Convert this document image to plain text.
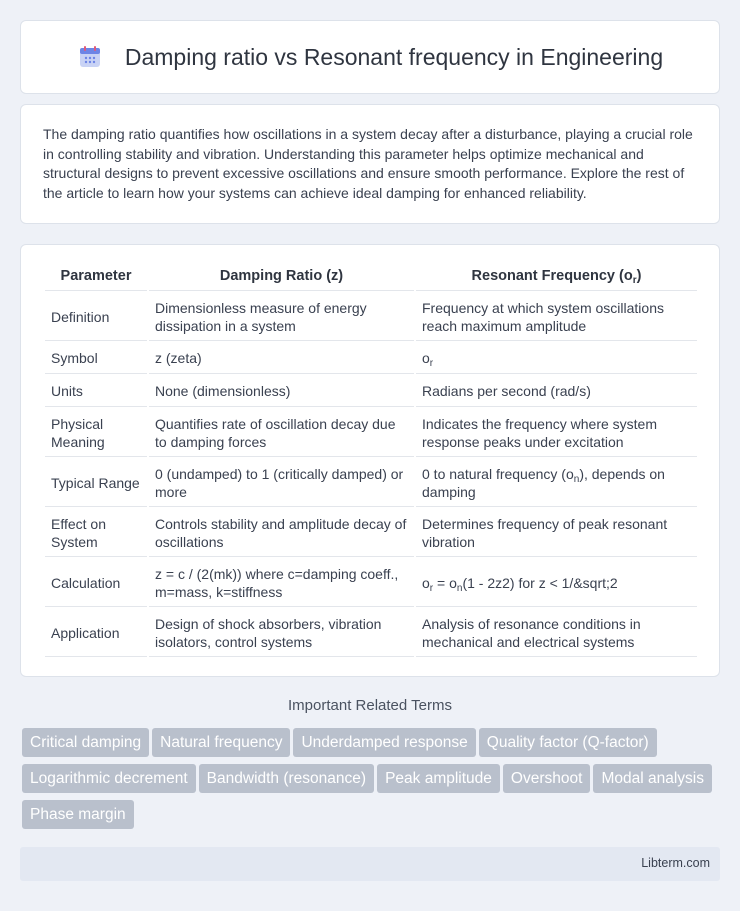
Damping ratio vs Resonant frequency in Engineering

The damping ratio quantifies how oscillations in a system decay after a disturbance, playing a crucial role in controlling stability and vibration. Understanding this parameter helps optimize mechanical and structural designs to prevent excessive oscillations and ensure smooth performance. Explore the rest of the article to learn how your systems can achieve ideal damping for enhanced reliability.

Parameter	Damping Ratio (z)	Resonant Frequency $(o_r)$
Definition	Dimensionless measure of energy dissipation in a system	Frequency at which system oscillations reach maximum amplitude
Symbol	z (zeta)	$o_r$
Units	None (dimensionless)	Radians per second (rad/s)
Physical Meaning	Quantifies rate of oscillation decay due to damping forces	Indicates the frequency where system response peaks under excitation
Typical Range	0 (undamped) to 1 (critically damped) or more	0 to natural frequency $(o_n)$, depends on damping
Effect on System	Controls stability and amplitude decay of oscillations	Determines frequency of peak resonant vibration
Calculation	z = c / (2(mk)) where c=damping coeff., m=mass, k=stiffness	$o_r = o_n(1 - 2z2)$ for z < 1/&sqrt;2
Application	Design of shock absorbers, vibration isolators, control systems	Analysis of resonance conditions in mechanical and electrical systems
Important Related Terms
Critical damping Natural frequency Underdamped response Quality factor (Q-factor)Logarithmic decrement Bandwidth (resonance) Peak amplitude Overshoot Modal analysisPhase margin
Libterm.com
